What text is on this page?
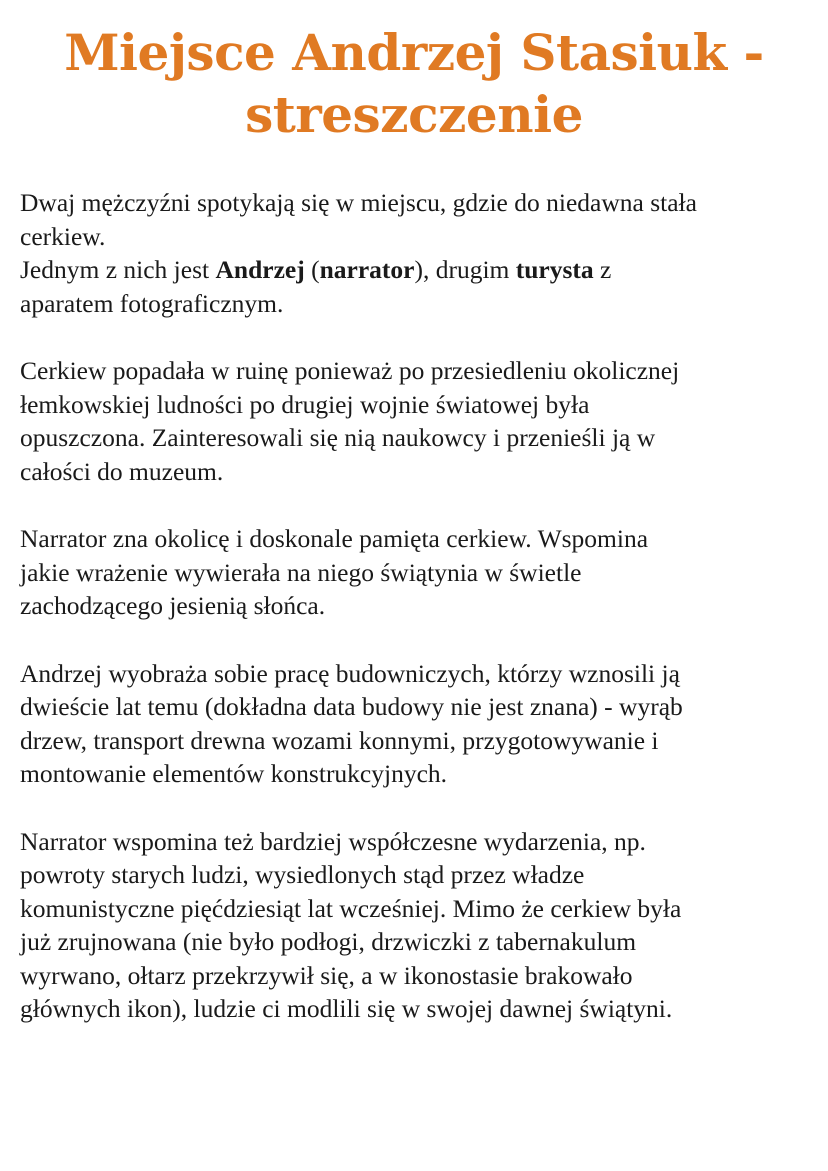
Miejsce Andrzej Stasiuk -
streszczenie

Dwaj mężczyźni spotykają się w miejscu, gdzie do niedawna stała
cerkiew.
Jednym z nich jest Andrzej (narrator), drugim turysta z
aparatem fotograficznym.

Cerkiew popadała w ruinę ponieważ po przesiedleniu okolicznej
łemkowskiej ludności po drugiej wojnie światowej była
opuszczona. Zainteresowali się nią naukowcy i przenieśli ją w
całości do muzeum.

Narrator zna okolicę i doskonale pamięta cerkiew. Wspomina
jakie wrażenie wywierała na niego świątynia w świetle
zachodzącego jesienią słońca.

Andrzej wyobraża sobie pracę budowniczych, którzy wznosili ją
dwieście lat temu (dokładna data budowy nie jest znana) - wyrąb
drzew, transport drewna wozami konnymi, przygotowywanie i
montowanie elementów konstrukcyjnych.

Narrator wspomina też bardziej współczesne wydarzenia, np.
powroty starych ludzi, wysiedlonych stąd przez władze
komunistyczne pięćdziesiąt lat wcześniej. Mimo że cerkiew była
już zrujnowana (nie było podłogi, drzwiczki z tabernakulum
wyrwano, ołtarz przekrzywił się, a w ikonostasie brakowało
głównych ikon), ludzie ci modlili się w swojej dawnej świątyni.
